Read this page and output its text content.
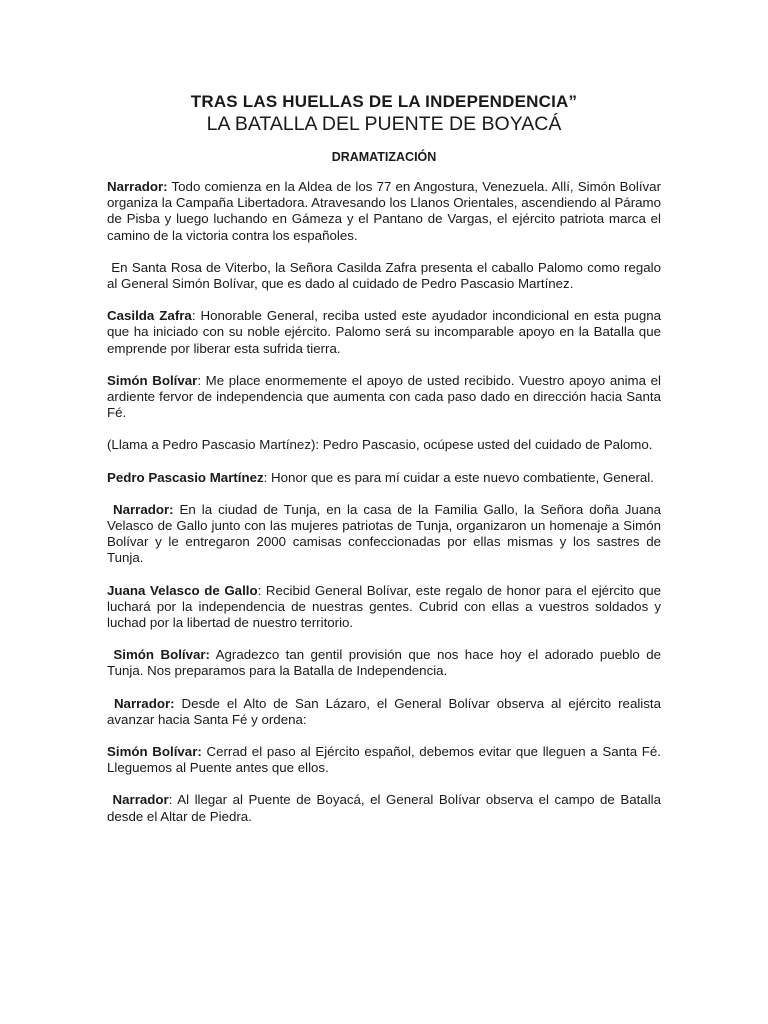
TRAS LAS HUELLAS DE LA INDEPENDENCIA”
LA BATALLA DEL PUENTE DE BOYACÁ

DRAMATIZACIÓN

Narrador: Todo comienza en la Aldea de los 77 en Angostura, Venezuela. Allí, Simón Bolívar organiza la Campaña Libertadora. Atravesando los Llanos Orientales, ascendiendo al Páramo de Pisba y luego luchando en Gámeza y el Pantano de Vargas, el ejército patriota marca el camino de la victoria contra los españoles.

En Santa Rosa de Viterbo, la Señora Casilda Zafra presenta el caballo Palomo como regalo al General Simón Bolívar, que es dado al cuidado de Pedro Pascasio Martínez.

Casilda Zafra: Honorable General, reciba usted este ayudador incondicional en esta pugna que ha iniciado con su noble ejército. Palomo será su incomparable apoyo en la Batalla que emprende por liberar esta sufrida tierra.

Simón Bolívar: Me place enormemente el apoyo de usted recibido. Vuestro apoyo anima el ardiente fervor de independencia que aumenta con cada paso dado en dirección hacia Santa Fé.

(Llama a Pedro Pascasio Martínez): Pedro Pascasio, ocúpese usted del cuidado de Palomo.

Pedro Pascasio Martínez: Honor que es para mí cuidar a este nuevo combatiente, General.

Narrador: En la ciudad de Tunja, en la casa de la Familia Gallo, la Señora doña Juana Velasco de Gallo junto con las mujeres patriotas de Tunja, organizaron un homenaje a Simón Bolívar y le entregaron 2000 camisas confeccionadas por ellas mismas y los sastres de Tunja.

Juana Velasco de Gallo: Recibid General Bolívar, este regalo de honor para el ejército que luchará por la independencia de nuestras gentes. Cubrid con ellas a vuestros soldados y luchad por la libertad de nuestro territorio.

Simón Bolívar: Agradezco tan gentil provisión que nos hace hoy el adorado pueblo de Tunja. Nos preparamos para la Batalla de Independencia.

Narrador: Desde el Alto de San Lázaro, el General Bolívar observa al ejército realista avanzar hacia Santa Fé y ordena:

Simón Bolívar: Cerrad el paso al Ejército español, debemos evitar que lleguen a Santa Fé. Lleguemos al Puente antes que ellos.

Narrador: Al llegar al Puente de Boyacá, el General Bolívar observa el campo de Batalla desde el Altar de Piedra.
